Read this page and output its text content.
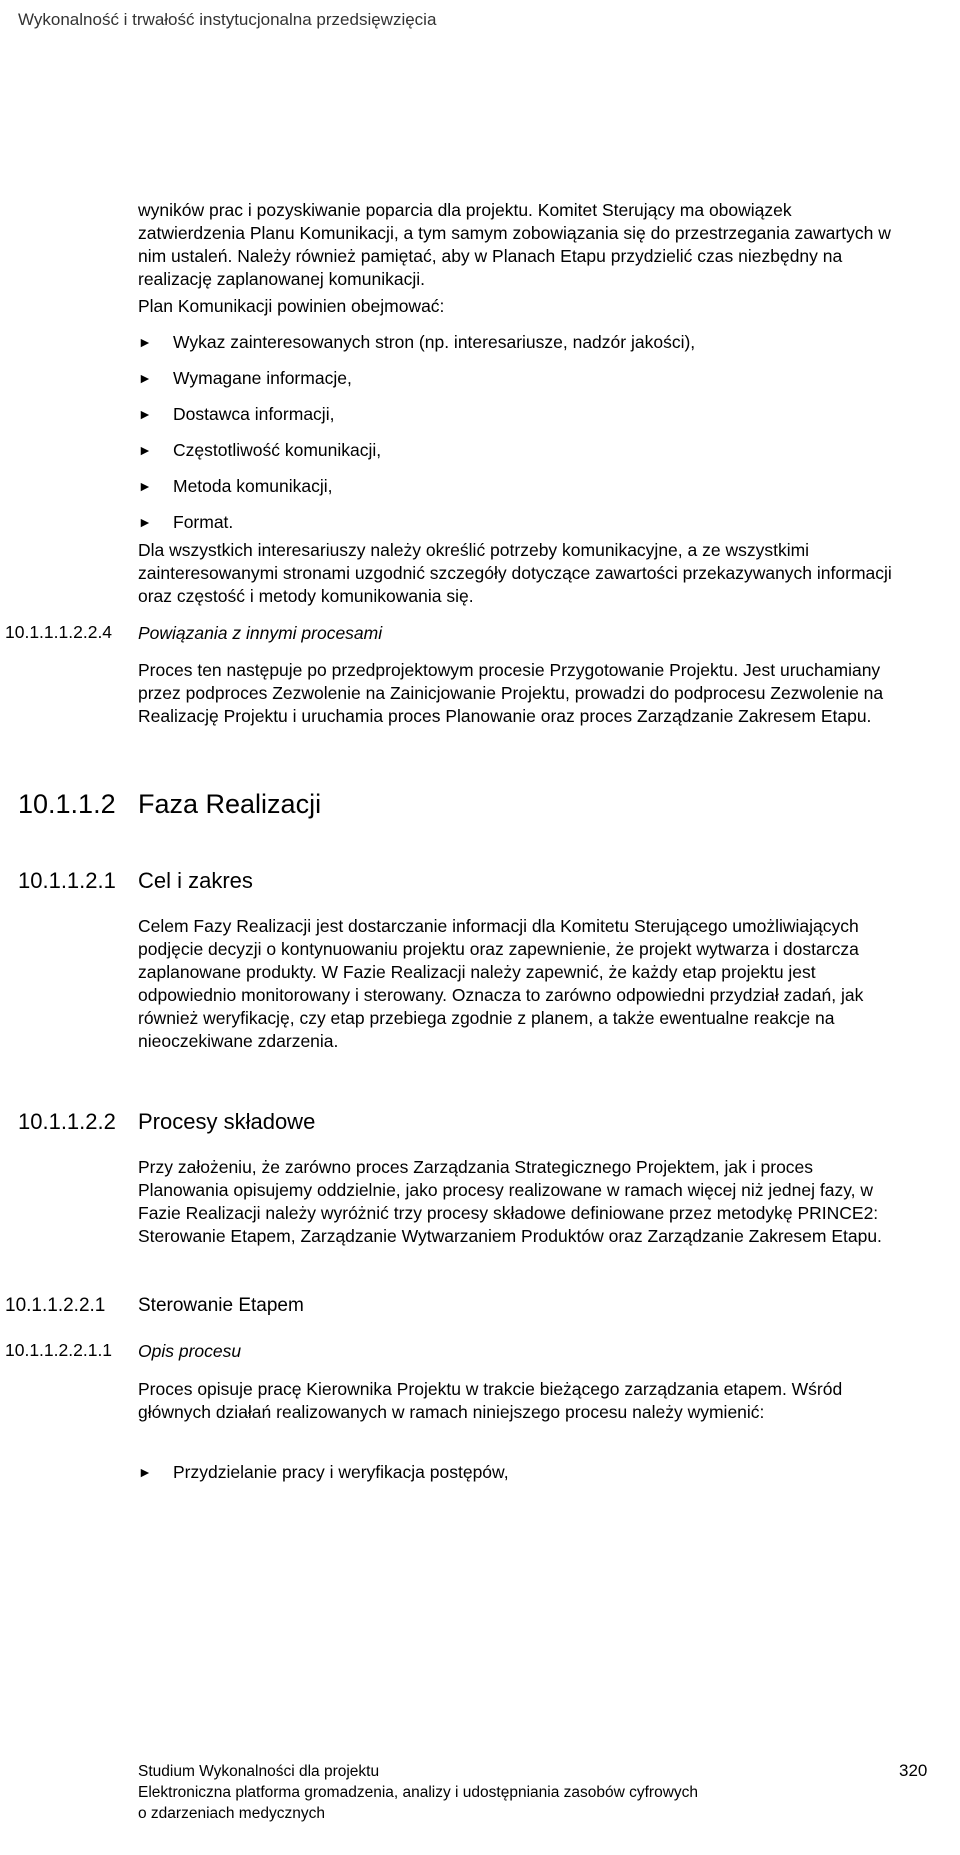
Wykonalność i trwałość instytucjonalna przedsięwzięcia
wyników prac i pozyskiwanie poparcia dla projektu. Komitet Sterujący ma obowiązek zatwierdzenia Planu Komunikacji, a tym samym zobowiązania się do przestrzegania zawartych w nim ustaleń. Należy również pamiętać, aby w Planach Etapu przydzielić czas niezbędny na realizację zaplanowanej komunikacji.
Plan Komunikacji powinien obejmować:
►	Wykaz zainteresowanych stron (np. interesariusze, nadzór jakości),
►	Wymagane informacje,
►	Dostawca informacji,
►	Częstotliwość komunikacji,
►	Metoda komunikacji,
►	Format.
Dla wszystkich interesariuszy należy określić potrzeby komunikacyjne, a ze wszystkimi zainteresowanymi stronami uzgodnić szczegóły dotyczące zawartości przekazywanych informacji oraz częstość i metody komunikowania się.
10.1.1.1.2.2.4 Powiązania z innymi procesami
Proces ten następuje po przedprojektowym procesie Przygotowanie Projektu. Jest uruchamiany przez podproces Zezwolenie na Zainicjowanie Projektu, prowadzi do podprocesu Zezwolenie na Realizację Projektu i uruchamia proces Planowanie oraz proces Zarządzanie Zakresem Etapu.
10.1.1.2 Faza Realizacji
10.1.1.2.1 Cel i zakres
Celem Fazy Realizacji jest dostarczanie informacji dla Komitetu Sterującego umożliwiających podjęcie decyzji o kontynuowaniu projektu oraz zapewnienie, że projekt wytwarza i dostarcza zaplanowane produkty. W Fazie Realizacji należy zapewnić, że każdy etap projektu jest odpowiednio monitorowany i sterowany. Oznacza to zarówno odpowiedni przydział zadań, jak również weryfikację, czy etap przebiega zgodnie z planem, a także ewentualne reakcje na nieoczekiwane zdarzenia.
10.1.1.2.2 Procesy składowe
Przy założeniu, że zarówno proces Zarządzania Strategicznego Projektem, jak i proces Planowania opisujemy oddzielnie, jako procesy realizowane w ramach więcej niż jednej fazy, w Fazie Realizacji należy wyróżnić trzy procesy składowe definiowane przez metodykę PRINCE2: Sterowanie Etapem, Zarządzanie Wytwarzaniem Produktów oraz Zarządzanie Zakresem Etapu.
10.1.1.2.2.1 Sterowanie Etapem
10.1.1.2.2.1.1 Opis procesu
Proces opisuje pracę Kierownika Projektu w trakcie bieżącego zarządzania etapem. Wśród głównych działań realizowanych w ramach niniejszego procesu należy wymienić:
►	Przydzielanie pracy i weryfikacja postępów,
Studium Wykonalności dla projektu
Elektroniczna platforma gromadzenia, analizy i udostępniania zasobów cyfrowych
o zdarzeniach medycznych
320
